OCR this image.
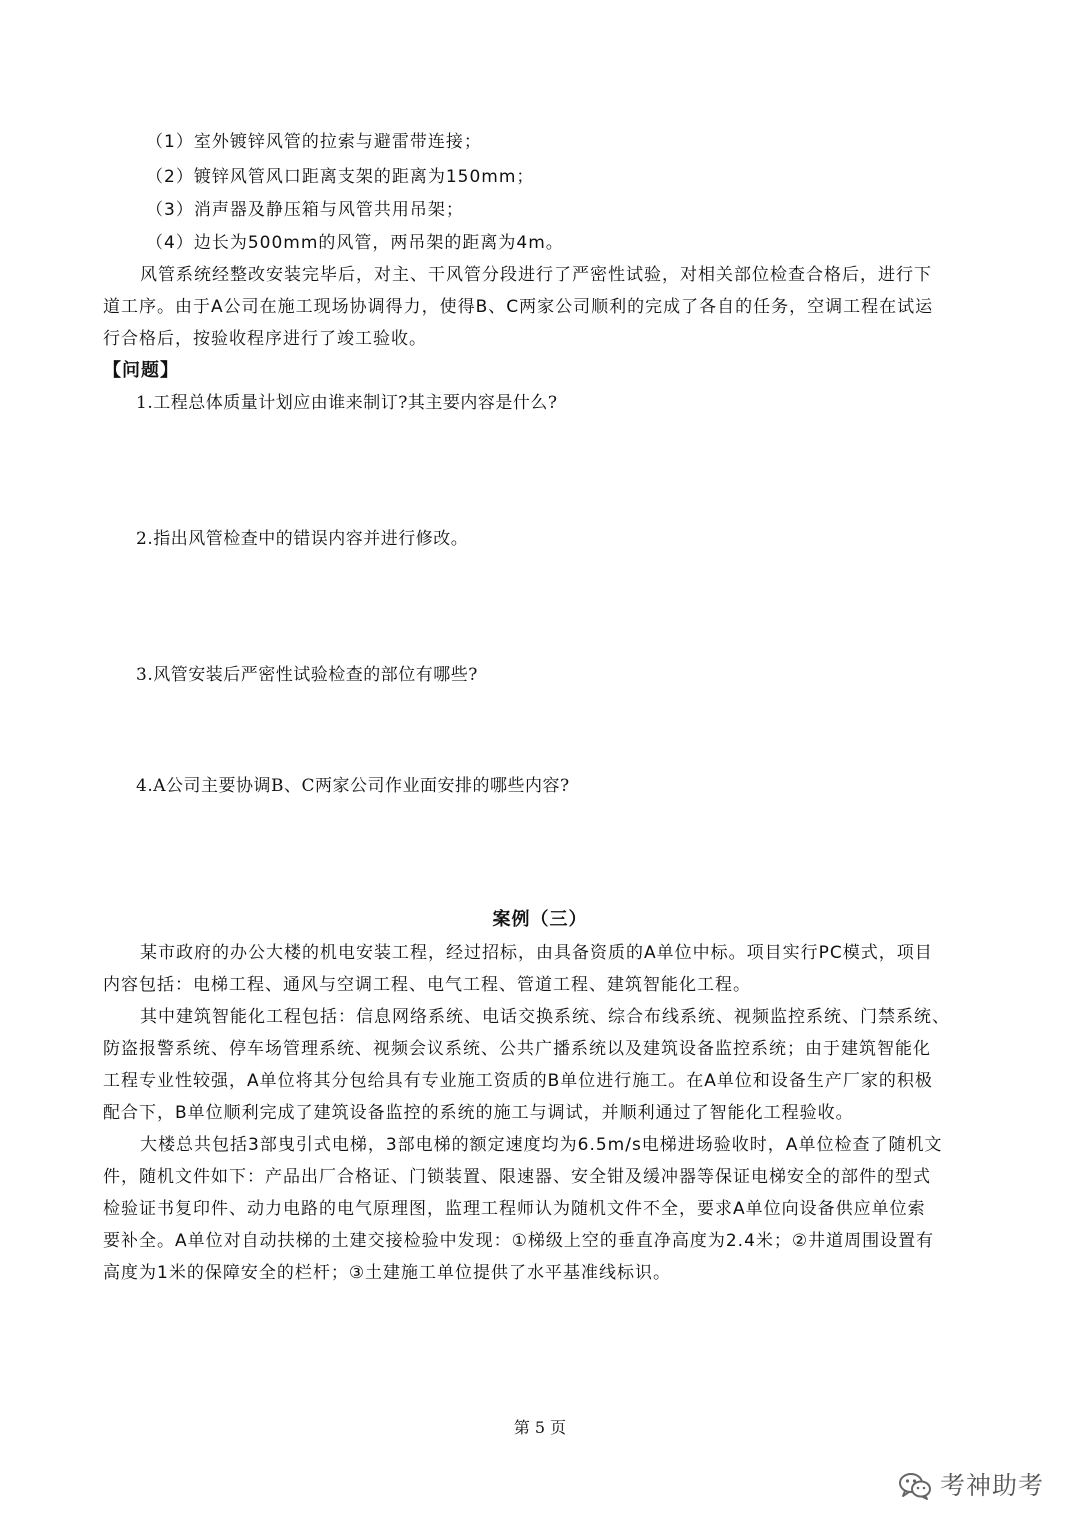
（1）室外镀锌风管的拉索与避雷带连接；
（2）镀锌风管风口距离支架的距离为150mm；
（3）消声器及静压箱与风管共用吊架；
（4）边长为500mm的风管，两吊架的距离为4m。
风管系统经整改安装完毕后，对主、干风管分段进行了严密性试验，对相关部位检查合格后，进行下
道工序。由于A公司在施工现场协调得力，使得B、C两家公司顺利的完成了各自的任务，空调工程在试运
行合格后，按验收程序进行了竣工验收。
【问题】
1.工程总体质量计划应由谁来制订?其主要内容是什么?
2.指出风管检查中的错误内容并进行修改。
3.风管安装后严密性试验检查的部位有哪些?
4.A公司主要协调B、C两家公司作业面安排的哪些内容?
案例（三）
某市政府的办公大楼的机电安装工程，经过招标，由具备资质的A单位中标。项目实行PC模式，项目
内容包括：电梯工程、通风与空调工程、电气工程、管道工程、建筑智能化工程。
其中建筑智能化工程包括：信息网络系统、电话交换系统、综合布线系统、视频监控系统、门禁系统、
防盗报警系统、停车场管理系统、视频会议系统、公共广播系统以及建筑设备监控系统；由于建筑智能化
工程专业性较强，A单位将其分包给具有专业施工资质的B单位进行施工。在A单位和设备生产厂家的积极
配合下，B单位顺利完成了建筑设备监控的系统的施工与调试，并顺利通过了智能化工程验收。
大楼总共包括3部曳引式电梯，3部电梯的额定速度均为6.5m/s电梯进场验收时，A单位检查了随机文
件，随机文件如下：产品出厂合格证、门锁装置、限速器、安全钳及缓冲器等保证电梯安全的部件的型式
检验证书复印件、动力电路的电气原理图，监理工程师认为随机文件不全，要求A单位向设备供应单位索
要补全。A单位对自动扶梯的土建交接检验中发现：①梯级上空的垂直净高度为2.4米；②井道周围设置有
高度为1米的保障安全的栏杆；③土建施工单位提供了水平基准线标识。
第 5 页
考神助考
